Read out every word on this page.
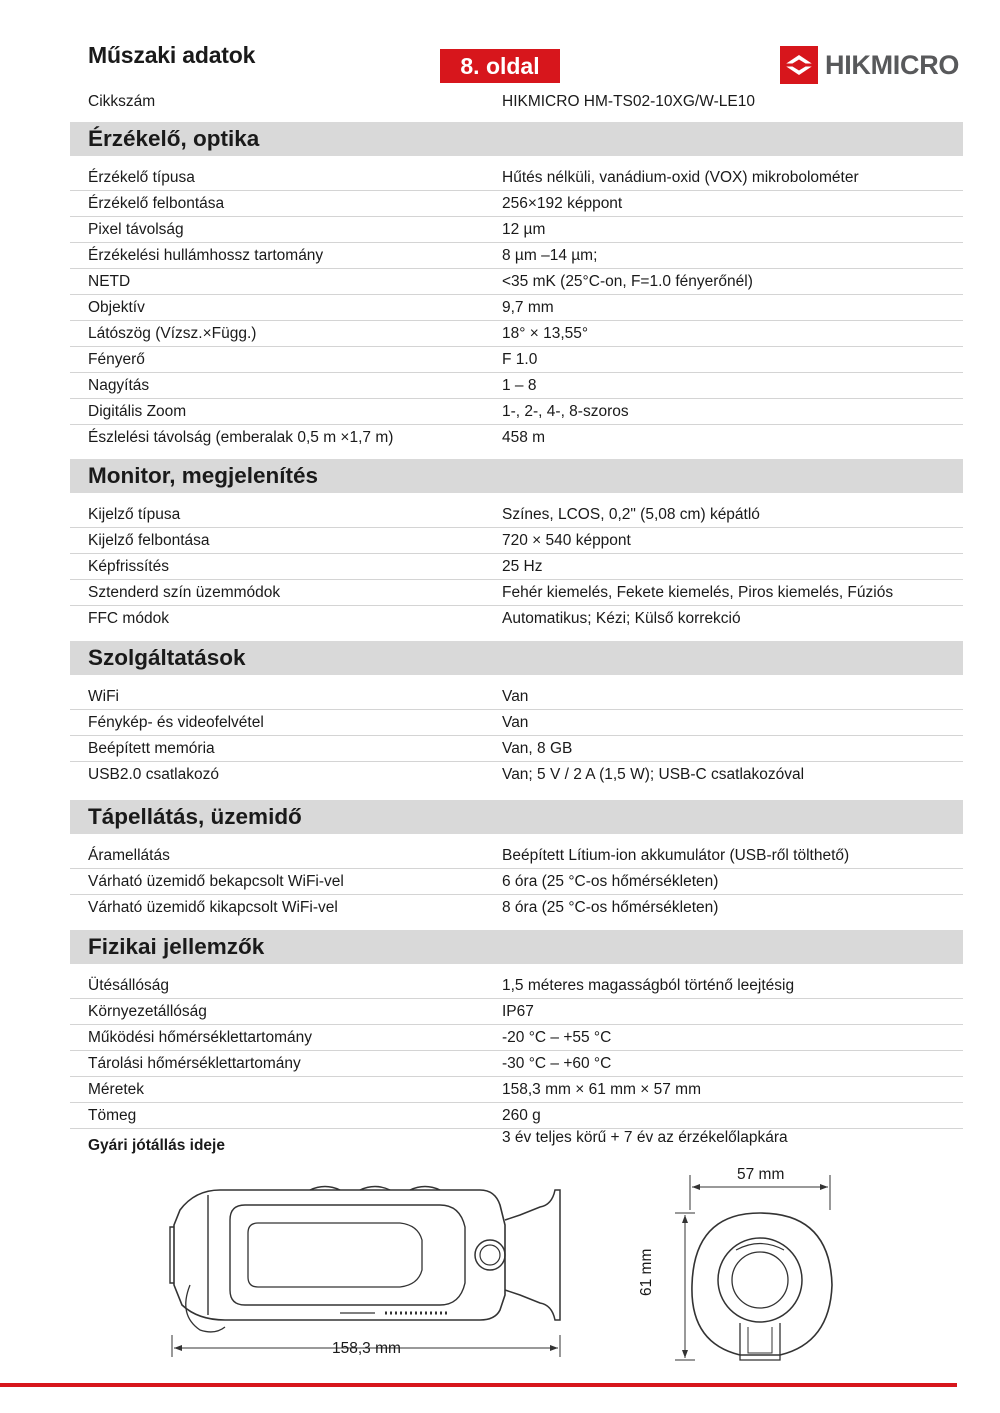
Műszaki adatok	8. oldal	HIKMICRO
Cikkszám	HIKMICRO HM-TS02-10XG/W-LE10
Érzékelő, optika
Érzékelő típusa	Hűtés nélküli, vanádium-oxid (VOX) mikrobolométer
Érzékelő felbontása	256×192 képpont
Pixel távolság	12 µm
Érzékelési hullámhossz tartomány	8 µm –14 µm;
NETD	<35 mK (25°C-on, F=1.0 fényerőnél)
Objektív	9,7 mm
Látószög (Vízsz.×Függ.)	18° × 13,55°
Fényerő	F 1.0
Nagyítás	1 – 8
Digitális Zoom	1-, 2-, 4-, 8-szoros
Észlelési távolság (emberalak 0,5 m ×1,7 m)	458 m
Monitor, megjelenítés
Kijelző típusa	Színes, LCOS, 0,2" (5,08 cm) képátló
Kijelző felbontása	720 × 540 képpont
Képfrissítés	25 Hz
Sztenderd szín üzemmódok	Fehér kiemelés, Fekete kiemelés, Piros kiemelés, Fúziós
FFC módok	Automatikus; Kézi; Külső korrekció
Szolgáltatások
WiFi	Van
Fénykép- és videofelvétel	Van
Beépített memória	Van, 8 GB
USB2.0 csatlakozó	Van; 5 V / 2 A (1,5 W); USB-C csatlakozóval
Tápellátás, üzemidő
Áramellátás	Beépített Lítium-ion akkumulátor (USB-ről tölthető)
Várható üzemidő bekapcsolt WiFi-vel	6 óra (25 °C-os hőmérsékleten)
Várható üzemidő kikapcsolt WiFi-vel	8 óra (25 °C-os hőmérsékleten)
Fizikai jellemzők
Ütésállóság	1,5 méteres magasságból történő leejtésig
Környezetállóság	IP67
Működési hőmérséklettartomány	-20 °C – +55 °C
Tárolási hőmérséklettartomány	-30 °C – +60 °C
Méretek	158,3 mm × 61 mm × 57 mm
Tömeg	260 g
Gyári jótállás ideje	3 év teljes körű + 7 év az érzékelőlapkára
158,3 mm
57 mm
61 mm
